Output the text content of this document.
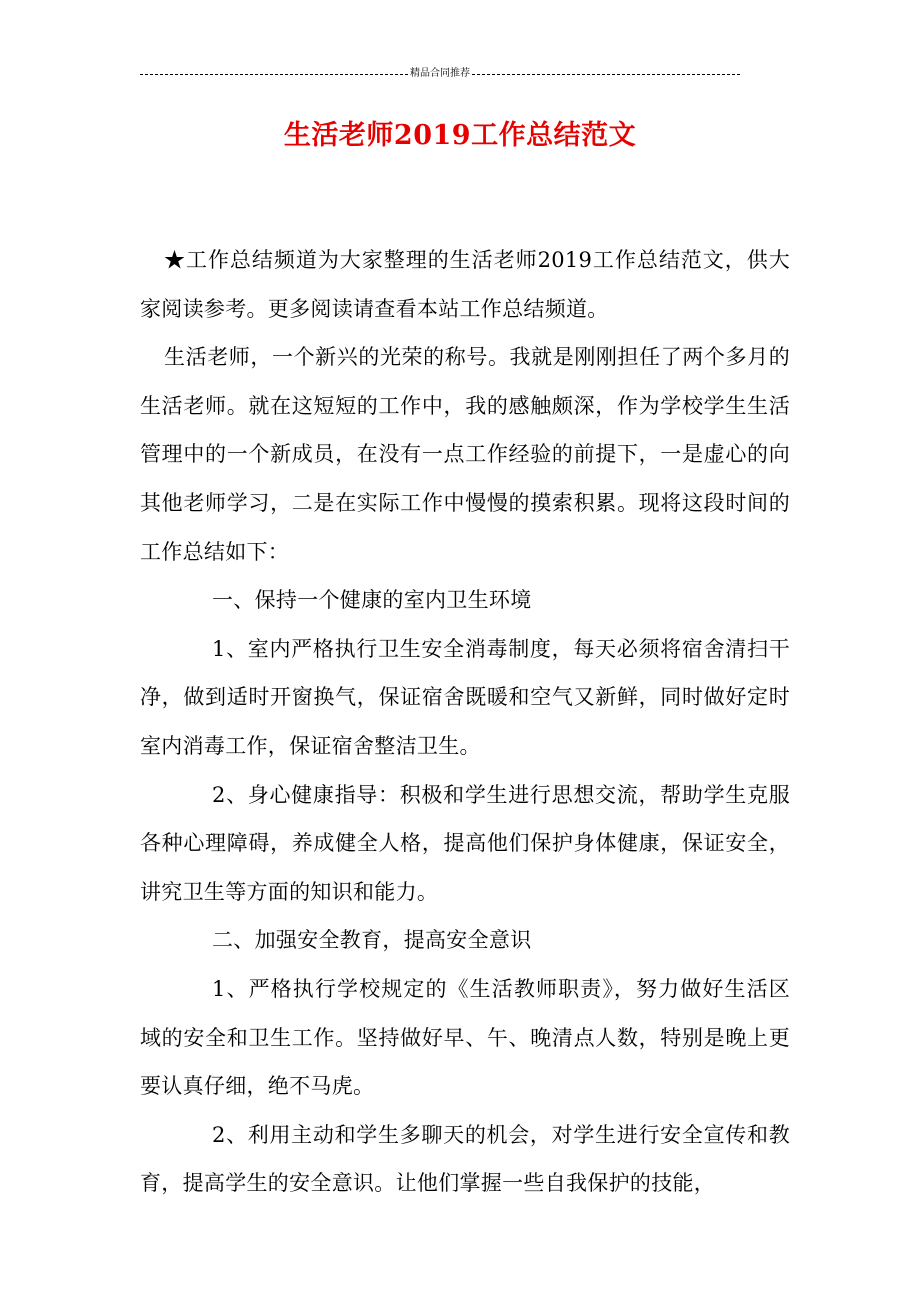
精品合同推荐
生活老师2019工作总结范文

★工作总结频道为大家整理的生活老师2019工作总结范文，供大家阅读参考。更多阅读请查看本站工作总结频道。

生活老师，一个新兴的光荣的称号。我就是刚刚担任了两个多月的生活老师。就在这短短的工作中，我的感触颇深，作为学校学生生活管理中的一个新成员，在没有一点工作经验的前提下，一是虚心的向其他老师学习，二是在实际工作中慢慢的摸索积累。现将这段时间的工作总结如下：

一、保持一个健康的室内卫生环境

1、室内严格执行卫生安全消毒制度，每天必须将宿舍清扫干净，做到适时开窗换气，保证宿舍既暖和空气又新鲜，同时做好定时室内消毒工作，保证宿舍整洁卫生。

2、身心健康指导：积极和学生进行思想交流，帮助学生克服各种心理障碍，养成健全人格，提高他们保护身体健康，保证安全，讲究卫生等方面的知识和能力。

二、加强安全教育，提高安全意识

1、严格执行学校规定的《生活教师职责》，努力做好生活区域的安全和卫生工作。坚持做好早、午、晚清点人数，特别是晚上更要认真仔细，绝不马虎。

2、利用主动和学生多聊天的机会，对学生进行安全宣传和教育，提高学生的安全意识。让他们掌握一些自我保护的技能，
